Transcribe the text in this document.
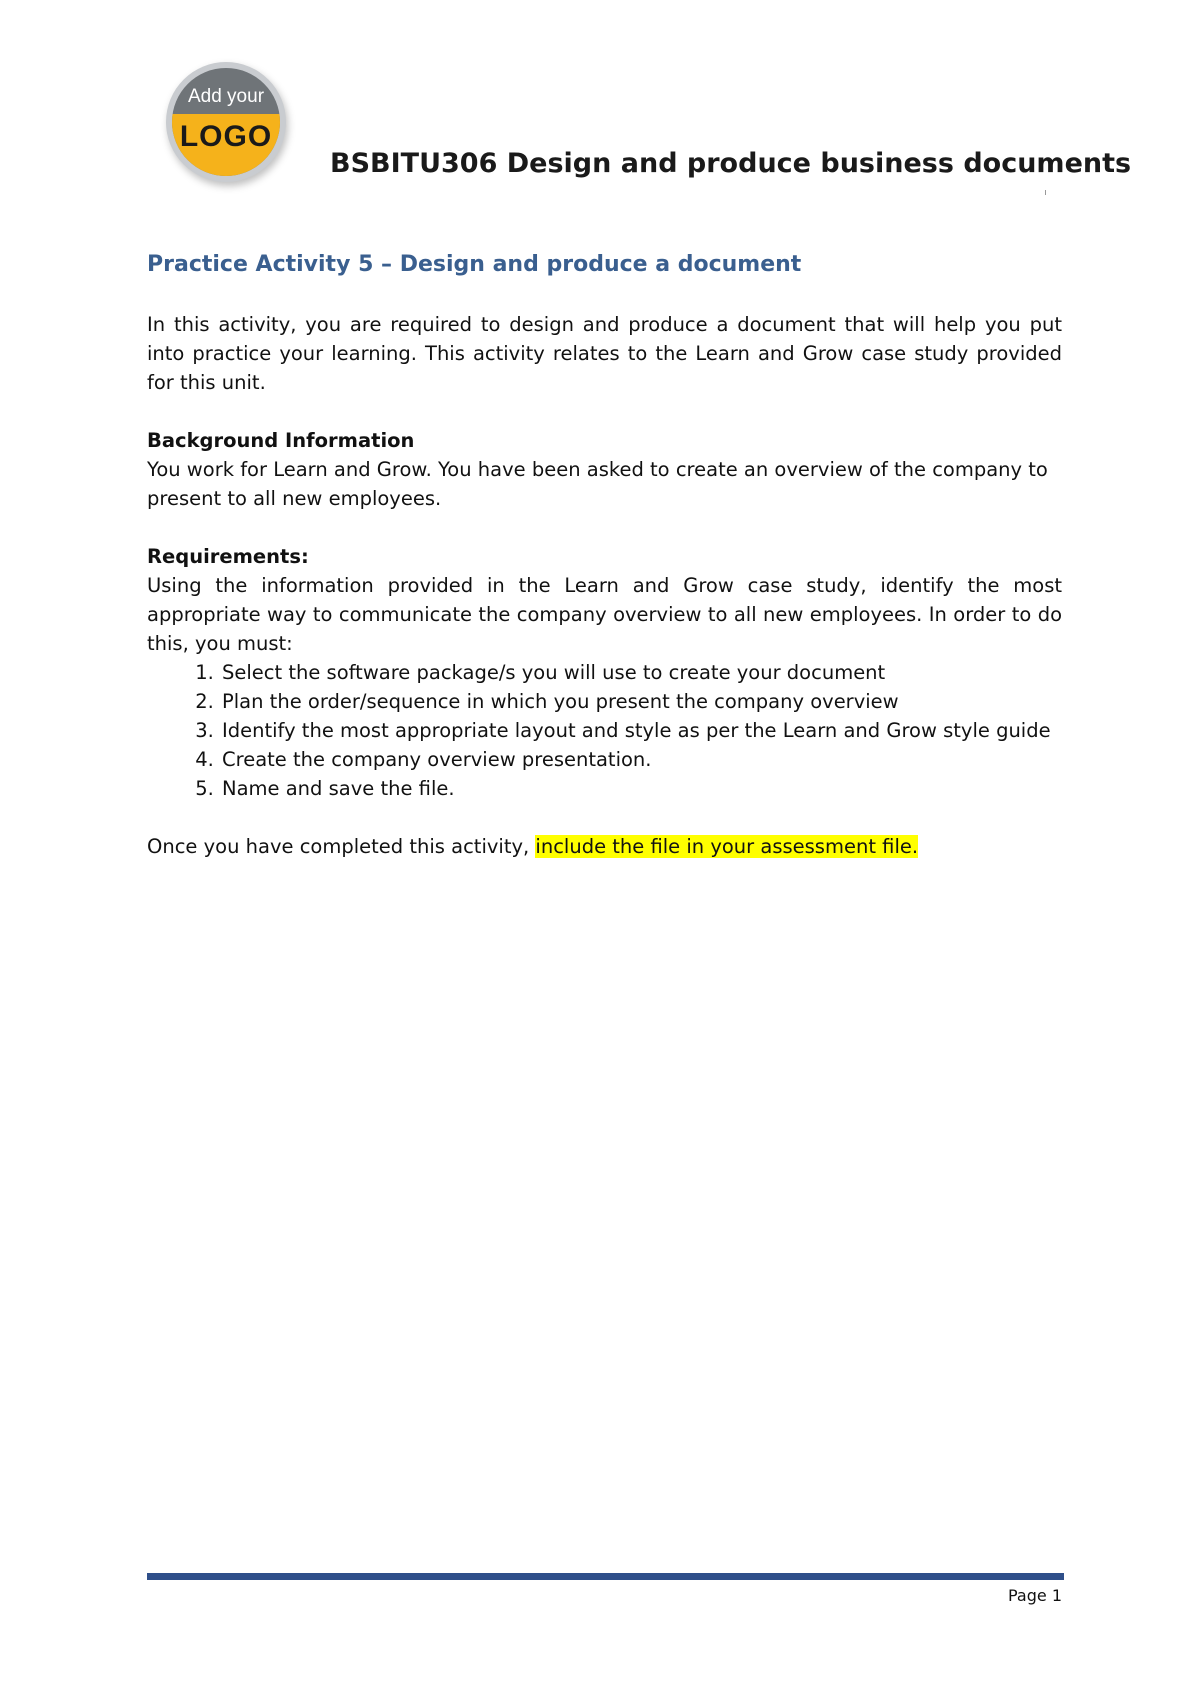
Add your
LOGO
BSBITU306 Design and produce business documents
Practice Activity 5 – Design and produce a document

In this activity, you are required to design and produce a document that will help you put into practice your learning. This activity relates to the Learn and Grow case study provided for this unit.

Background Information

You work for Learn and Grow. You have been asked to create an overview of the company to present to all new employees.

Requirements:

Using the information provided in the Learn and Grow case study, identify the most appropriate way to communicate the company overview to all new employees. In order to do this, you must:

1. Select the software package/s you will use to create your document
2. Plan the order/sequence in which you present the company overview
3. Identify the most appropriate layout and style as per the Learn and Grow style guide
4. Create the company overview presentation.
5. Name and save the file.

Once you have completed this activity, include the file in your assessment file.

Page 1
